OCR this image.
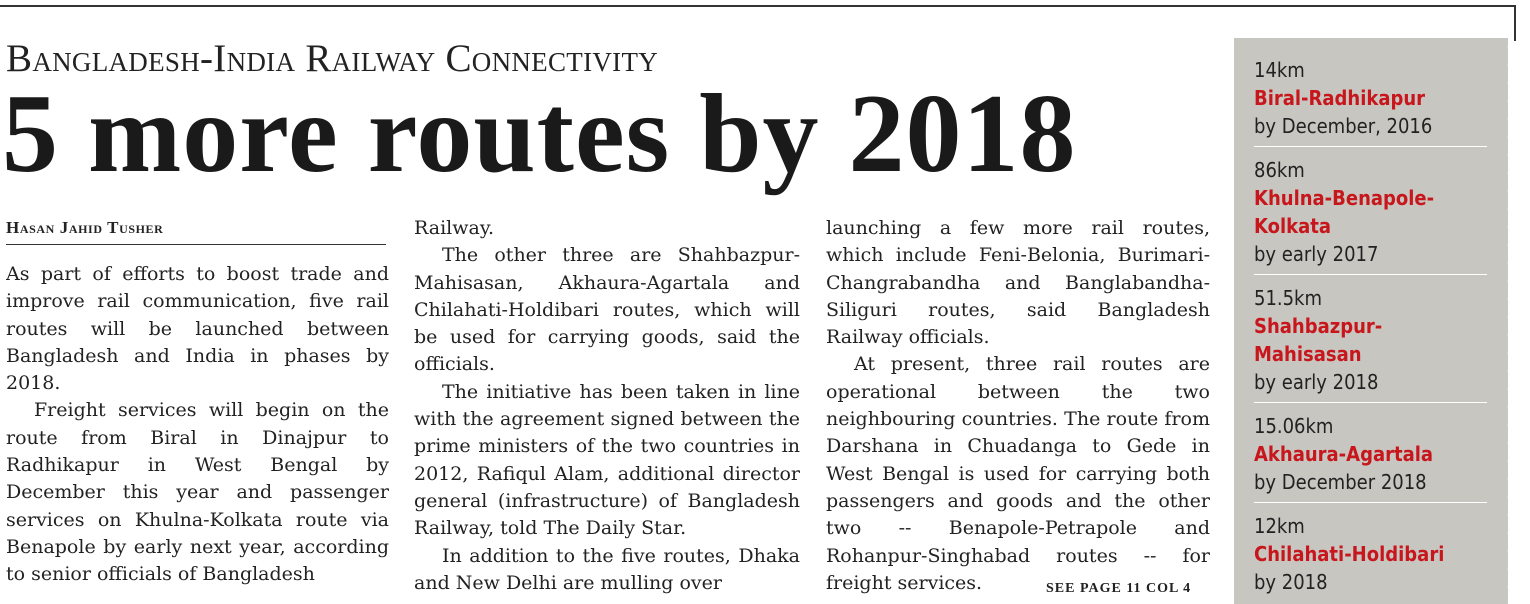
Bangladesh-India Railway Connectivity
5 more routes by 2018
Hasan Jahid Tusher

As part of efforts to boost trade and improve rail communication, five rail routes will be launched between Bangladesh and India in phases by 2018.

Freight services will begin on the route from Biral in Dinajpur to Radhikapur in West Bengal by December this year and passenger services on Khulna-Kolkata route via Benapole by early next year, according to senior officials of Bangladesh

Railway.

The other three are Shahbazpur-Mahisasan, Akhaura-Agartala and Chilahati-Holdibari routes, which will be used for carrying goods, said the officials.

The initiative has been taken in line with the agreement signed between the prime ministers of the two countries in 2012, Rafiqul Alam, additional director general (infrastructure) of Bangladesh Railway, told The Daily Star.

In addition to the five routes, Dhaka and New Delhi are mulling over

launching a few more rail routes, which include Feni-Belonia, Burimari-Changrabandha and Banglabandha-Siliguri routes, said Bangladesh Railway officials.

At present, three rail routes are operational between the two neighbouring countries. The route from Darshana in Chuadanga to Gede in West Bengal is used for carrying both passengers and goods and the other two -- Benapole-Petrapole and Rohanpur-Singhabad routes -- for freight services.	SEE PAGE 11 COL 4
14km
Biral-Radhikapur
by December, 2016
86km
Khulna-Benapole-Kolkata
by early 2017
51.5km
Shahbazpur-Mahisasan
by early 2018
15.06km
Akhaura-Agartala
by December 2018
12km
Chilahati-Holdibari
by 2018
